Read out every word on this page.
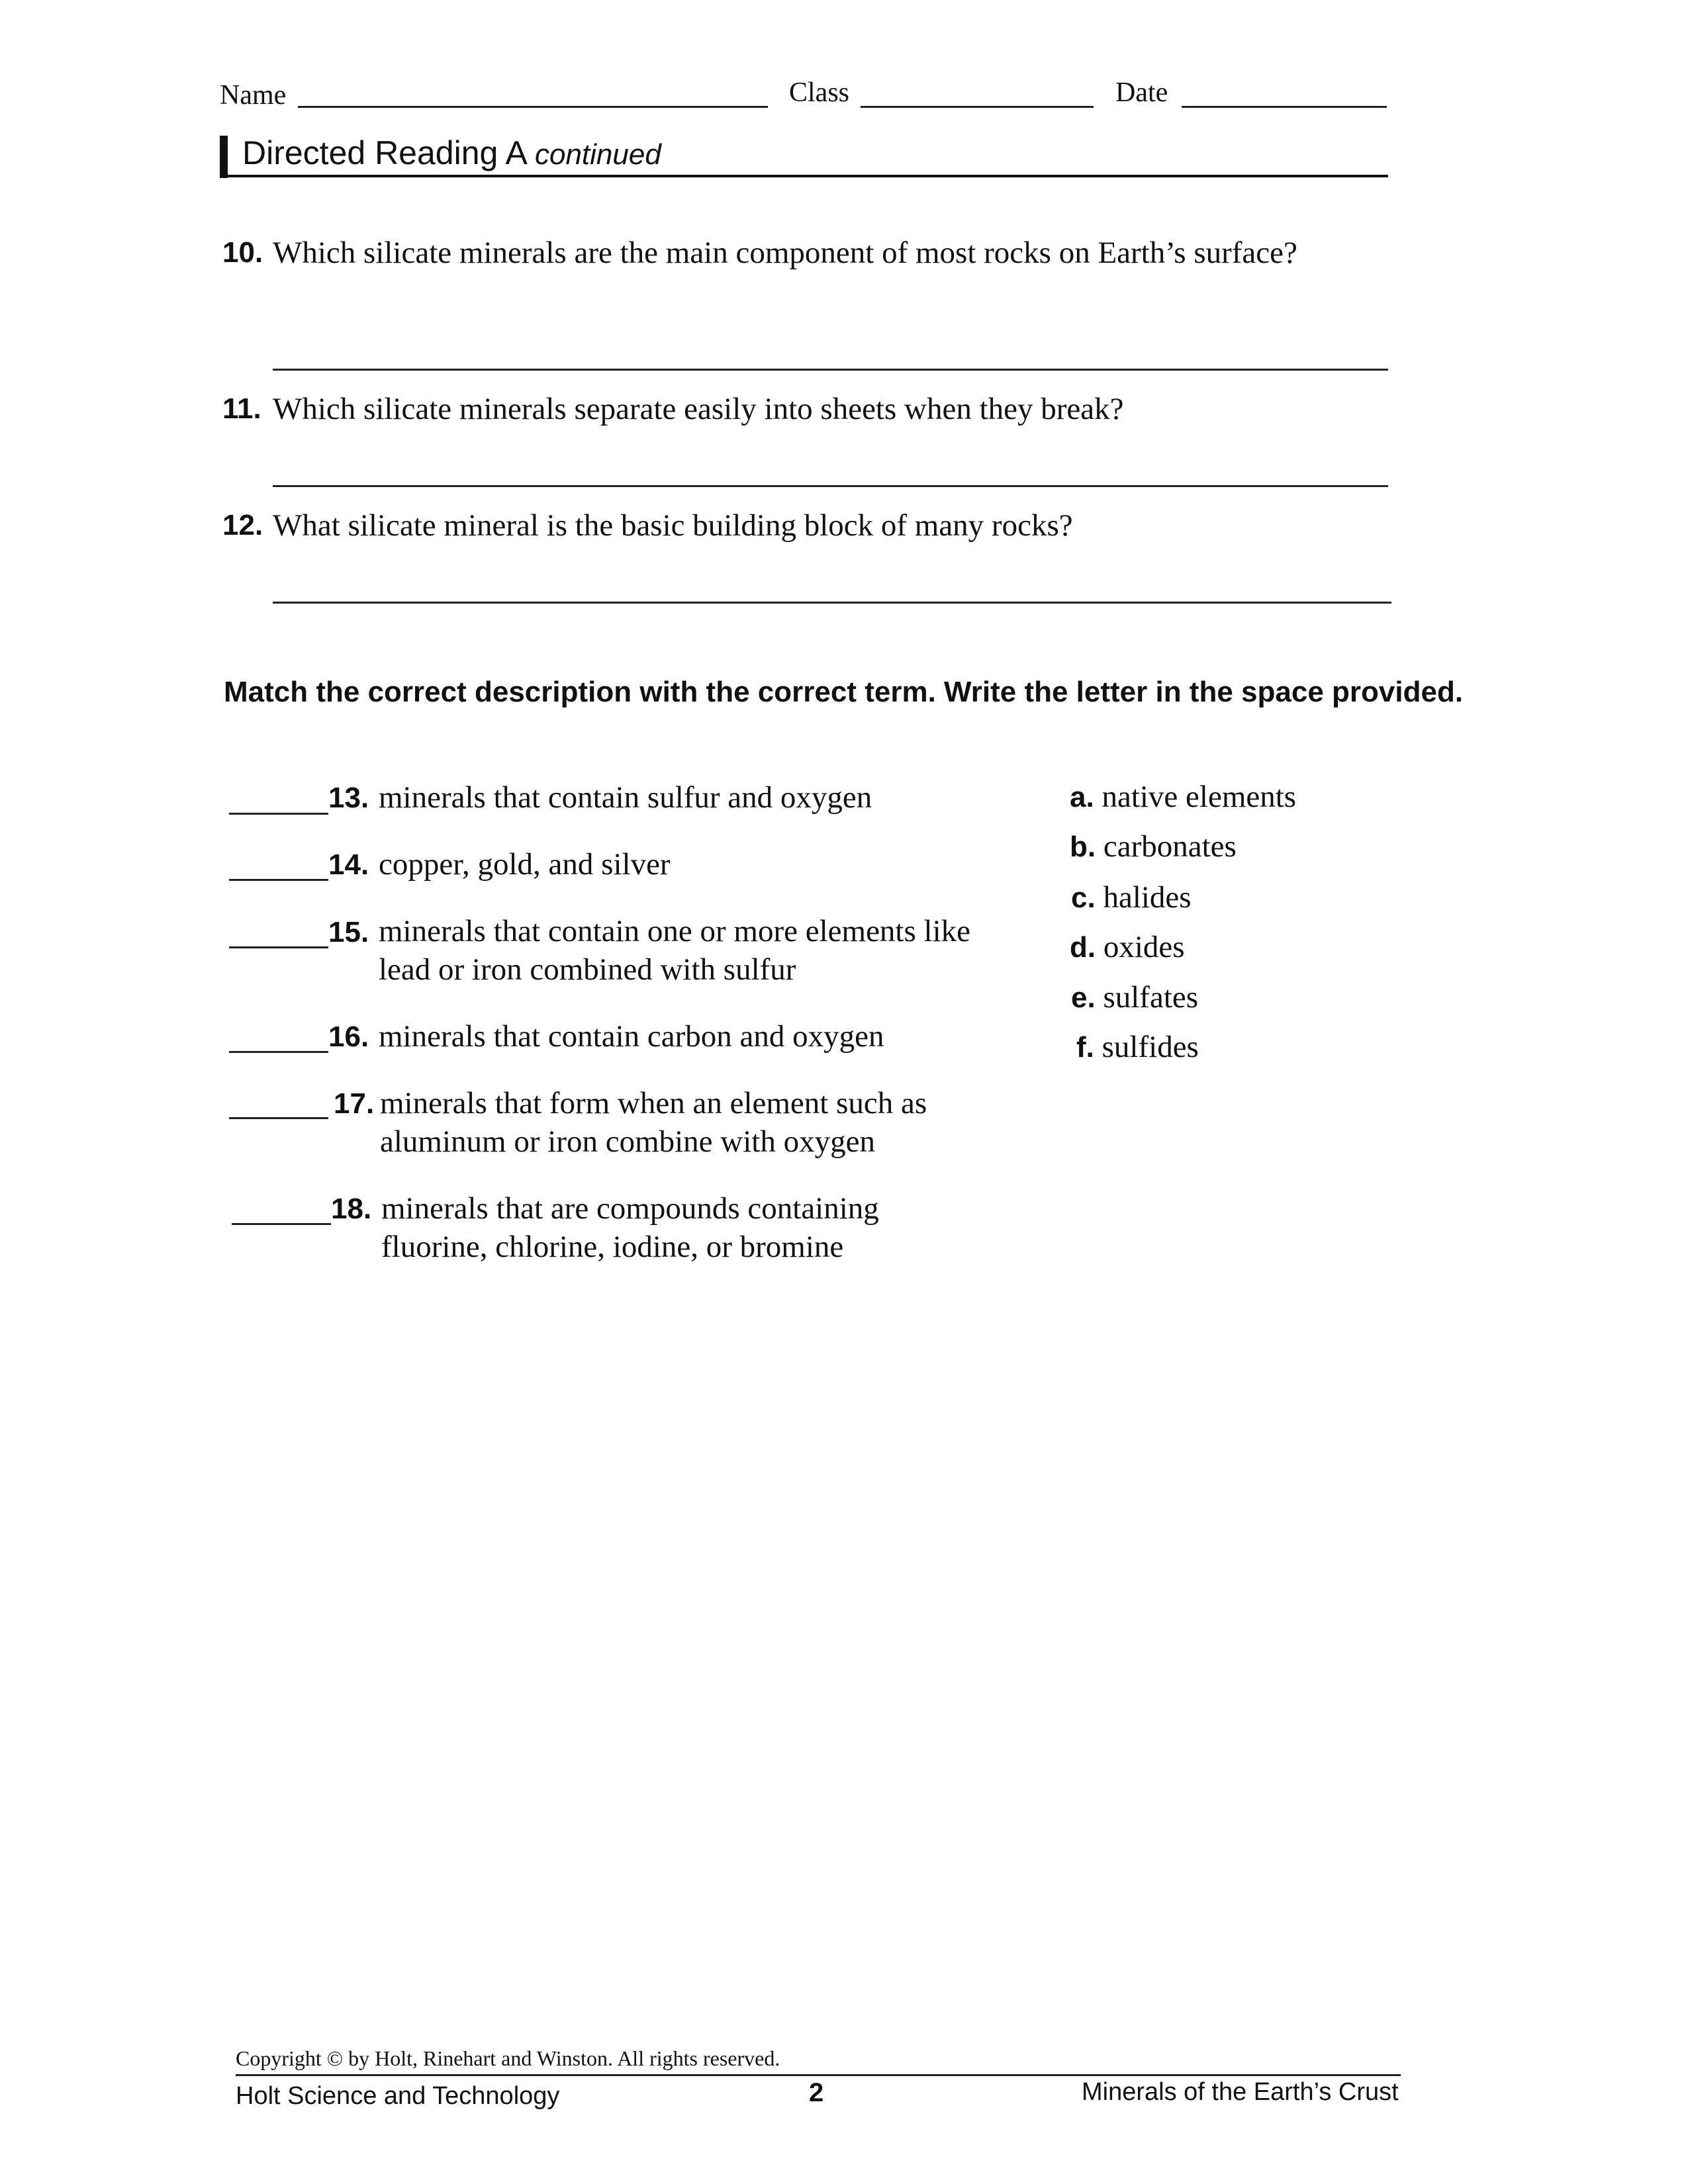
Name	Class	Date
Directed Reading A continued
10. Which silicate minerals are the main component of most rocks on Earth’s surface?
11. Which silicate minerals separate easily into sheets when they break?
12. What silicate mineral is the basic building block of many rocks?
Match the correct description with the correct term. Write the letter in the space provided.
13. minerals that contain sulfur and oxygen
14. copper, gold, and silver
15. minerals that contain one or more elements like lead or iron combined with sulfur
16. minerals that contain carbon and oxygen
17. minerals that form when an element such as aluminum or iron combine with oxygen
18. minerals that are compounds containing fluorine, chlorine, iodine, or bromine
a. native elements
b. carbonates
c. halides
d. oxides
e. sulfates
f. sulfides
Copyright © by Holt, Rinehart and Winston. All rights reserved.
Holt Science and Technology	2	Minerals of the Earth’s Crust
